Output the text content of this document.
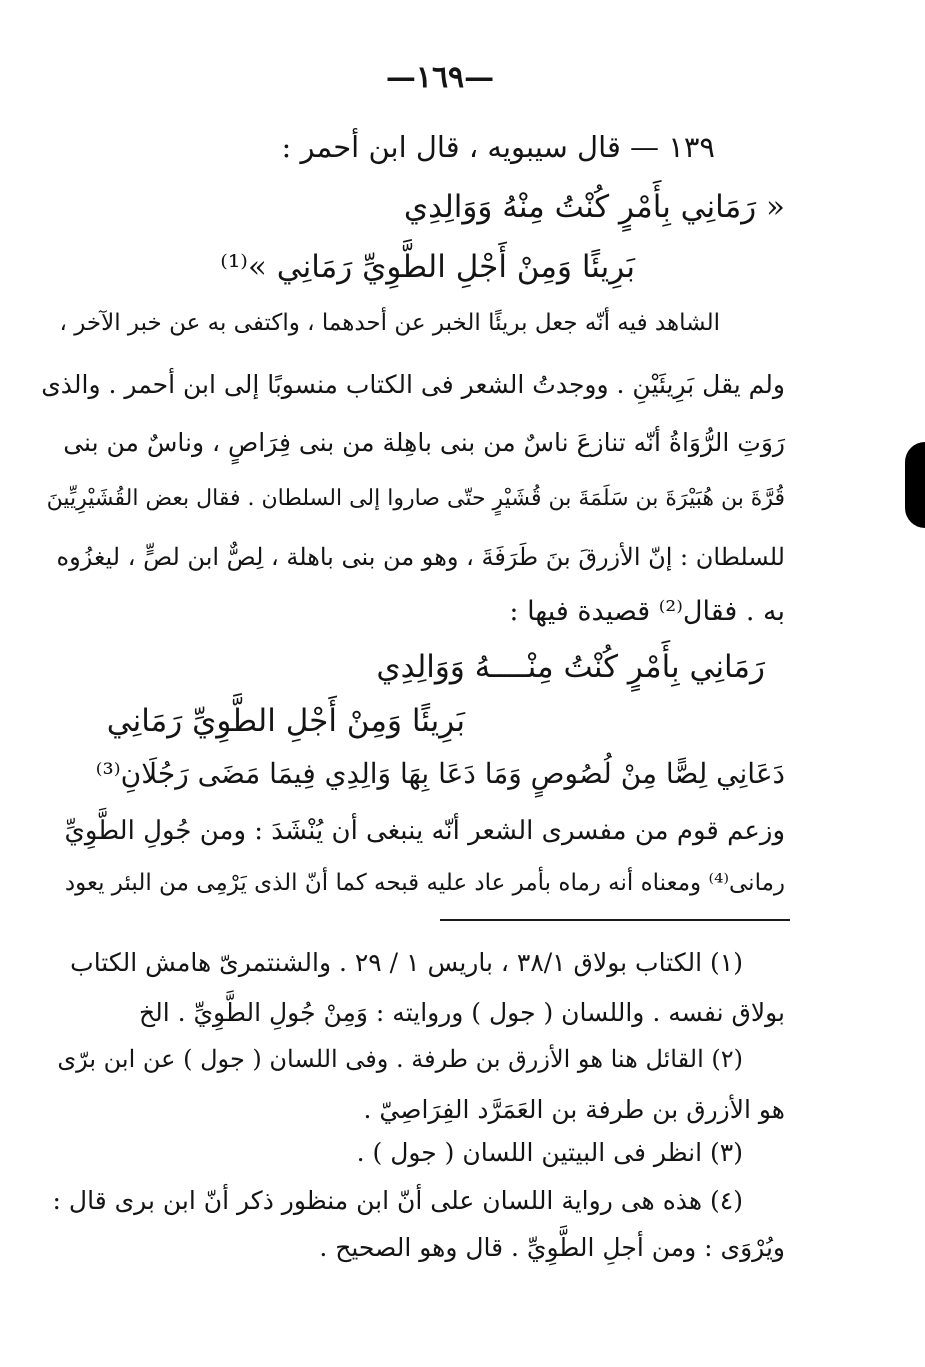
—١٦٩—
١٣٩ — قال سيبويه ، قال ابن أحمر :
« رَمَانِي بِأَمْرٍ كُنْتُ مِنْهُ وَوَالِدِي
بَرِيئًا وَمِنْ أَجْلِ الطَّوِيِّ رَمَانِي »⁽¹⁾
الشاهد فيه أنّه جعل بريئًا الخبر عن أحدهما ، واكتفى به عن خبر الآخر ،
ولم يقل بَرِيئَيْنِ . ووجدتُ الشعر فى الكتاب منسوبًا إلى ابن أحمر . والذى
رَوَتِ الرُّوَاةُ أنّه تنازعَ ناسٌ من بنى باهِلة من بنى فِرَاصٍ ، وناسٌ من بنى
قُرَّةَ بن هُبَيْرَةَ بن سَلَمَةَ بن قُشَيْرٍ حتّى صاروا إلى السلطان . فقال بعض القُشَيْرِيِّينَ
للسلطان : إنّ الأزرقَ بنَ طَرَفَةَ ، وهو من بنى باهلة ، لِصٌّ ابن لصٍّ ، ليغزُوه
به . فقال⁽²⁾ قصيدة فيها :
رَمَانِي بِأَمْرٍ كُنْتُ مِنْــــهُ وَوَالِدِي
بَرِيئًا وَمِنْ أَجْلِ الطَّوِيِّ رَمَانِي
دَعَانِي لِصًّا مِنْ لُصُوصٍ وَمَا دَعَا بِهَا وَالِدِي فِيمَا مَضَى رَجُلَانِ⁽³⁾
وزعم قوم من مفسرى الشعر أنّه ينبغى أن يُنْشَدَ : ومن جُولِ الطَّوِيِّ
رمانى⁽⁴⁾ ومعناه أنه رماه بأمر عاد عليه قبحه كما أنّ الذى يَرْمِى من البئر يعود
(١) الكتاب بولاق ٣٨/١ ، باريس ١ / ٢٩ . والشنتمرىّ هامش الكتاب
بولاق نفسه . واللسان ( جول ) وروايته : وَمِنْ جُولِ الطَّوِيِّ . الخ
(٢) القائل هنا هو الأزرق بن طرفة . وفى اللسان ( جول ) عن ابن برّى
هو الأزرق بن طرفة بن العَمَرَّد الفِرَاصِيّ .
(٣) انظر فى البيتين اللسان ( جول ) .
(٤) هذه هى رواية اللسان على أنّ ابن منظور ذكر أنّ ابن برى قال :
ويُرْوَى : ومن أجلِ الطَّوِيِّ . قال وهو الصحيح .
